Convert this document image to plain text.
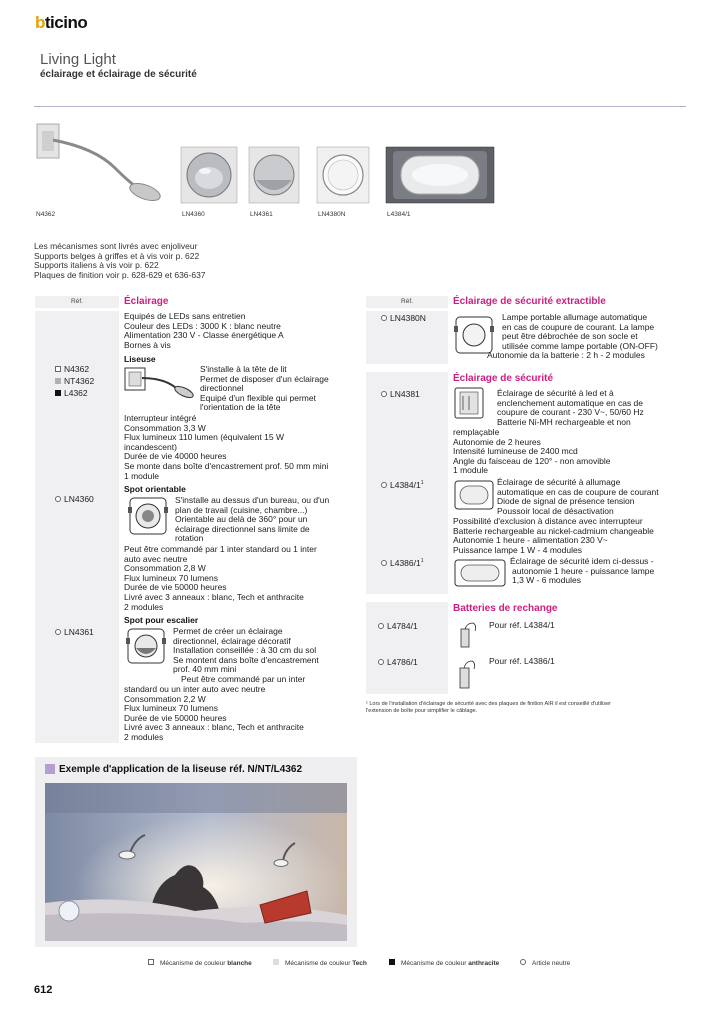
bticino
Living Light
éclairage et éclairage de sécurité
N4362	LN4360	LN4361	LN4380N	L4384/1
Les mécanismes sont livrés avec enjoliveur
Supports belges à griffes et à vis voir p. 622
Supports italiens à vis voir p. 622
Plaques de finition voir p. 628-629 et 636-637
Réf.	Éclairage
Equipés de LEDs sans entretien
Couleur des LEDs : 3000 K : blanc neutre
Alimentation 230 V - Classe énergétique A
Bornes à vis
Liseuse
N4362
NT4362
L4362
S'installe à la tête de lit
Permet de disposer d'un éclairage
directionnel
Equipé d'un flexible qui permet
l'orientation de la tête
Interrupteur intégré
Consommation 3,3 W
Flux lumineux 110 lumen (équivalent 15 W
incandescent)
Durée de vie 40000 heures
Se monte dans boîte d'encastrement prof. 50 mm mini
1 module
Spot orientable
LN4360	S'installe au dessus d'un bureau, ou d'un
plan de travail (cuisine, chambre...)
Orientable au delà de 360° pour un
éclairage directionnel sans limite de
rotation
Peut être commandé par 1 inter standard ou 1 inter
auto avec neutre
Consommation 2,8 W
Flux lumineux 70 lumens
Durée de vie 50000 heures
Livré avec 3 anneaux : blanc, Tech et anthracite
2 modules
Spot pour escalier
LN4361	Permet de créer un éclairage
directionnel, éclairage décoratif
Installation conseillée : à 30 cm du sol
Se montent dans boîte d'encastrement
prof. 40 mm mini
Peut être commandé par un inter
standard ou un inter auto avec neutre
Consommation 2,2 W
Flux lumineux 70 lumens
Durée de vie 50000 heures
Livré avec 3 anneaux : blanc, Tech et anthracite
2 modules
Réf.	Éclairage de sécurité extractible
LN4380N	Lampe portable allumage automatique
en cas de coupure de courant. La lampe
peut être débrochée de son socle et
utilisée comme lampe portable (ON-OFF)
Autonomie da la batterie : 2 h - 2 modules
Éclairage de sécurité
LN4381	Éclairage de sécurité à led et à
enclenchement automatique en cas de
coupure de courant - 230 V~, 50/60 Hz
Batterie Ni-MH rechargeable et non
remplaçable
Autonomie de 2 heures
Intensité lumineuse de 2400 mcd
Angle du faisceau de 120° - non amovible
1 module
$L4384/1^1$	Éclairage de sécurité à allumage
automatique en cas de coupure de courant
Diode de signal de présence tension
Poussoir local de désactivation
Possibilité d'exclusion à distance avec interrupteur
Batterie rechargeable au nickel-cadmium changeable
Autonomie 1 heure - alimentation 230 V~
Puissance lampe 1 W - 4 modules
$L4386/1^1$	Éclairage de sécurité idem ci-dessus -
autonomie 1 heure - puissance lampe
1,3 W - 6 modules
Batteries de rechange
L4784/1	Pour réf. L4384/1
L4786/1	Pour réf. L4386/1
¹ Lors de l'installation d'éclairage de sécurité avec des plaques de finition AIR il est conseillé d'utiliser
l'extension de boîte pour simplifier le câblage.
Exemple d'application de la liseuse réf. N/NT/L4362
Mécanisme de couleur blanche	Mécanisme de couleur Tech	Mécanisme de couleur anthracite	Article neutre
612
